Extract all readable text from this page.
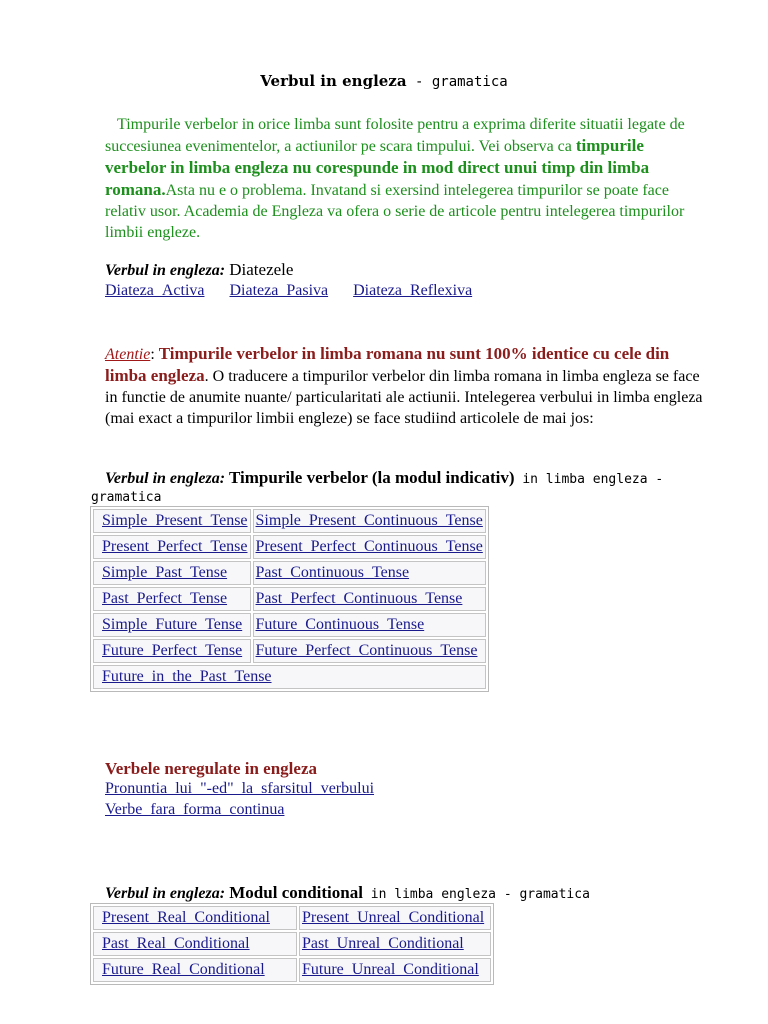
Verbul in engleza - gramatica
Timpurile verbelor in orice limba sunt folosite pentru a exprima diferite situatii legate de succesiunea evenimentelor, a actiunilor pe scara timpului. Vei observa ca timpurile verbelor in limba engleza nu corespunde in mod direct unui timp din limba romana.Asta nu e o problema. Invatand si exersind intelegerea timpurilor se poate face relativ usor. Academia de Engleza va ofera o serie de articole pentru intelegerea timpurilor limbii engleze.
Verbul in engleza: Diatezele
Diateza_Activa Diateza_Pasiva Diateza_Reflexiva
Atentie: Timpurile verbelor in limba romana nu sunt 100% identice cu cele din limba engleza. O traducere a timpurilor verbelor din limba romana in limba engleza se face in functie de anumite nuante/ particularitati ale actiunii. Intelegerea verbului in limba engleza (mai exact a timpurilor limbii engleze) se face studiind articolele de mai jos:
Verbul in engleza: Timpurile verbelor (la modul indicativ) in limba engleza -
gramatica
Simple_Present_Tense	Simple_Present_Continuous_Tense
Present_Perfect_Tense	Present_Perfect_Continuous_Tense
Simple_Past_Tense	Past_Continuous_Tense
Past_Perfect_Tense	Past_Perfect_Continuous_Tense
Simple_Future_Tense	Future_Continuous_Tense
Future_Perfect_Tense	Future_Perfect_Continuous_Tense
Future_in_the_Past_Tense	
Verbele neregulate in engleza
Pronuntia_lui_"-ed"_la_sfarsitul_verbului
Verbe_fara_forma_continua
Verbul in engleza: Modul conditional in limba engleza - gramatica
Present_Real_Conditional	Present_Unreal_Conditional
Past_Real_Conditional	Past_Unreal_Conditional
Future_Real_Conditional	Future_Unreal_Conditional
